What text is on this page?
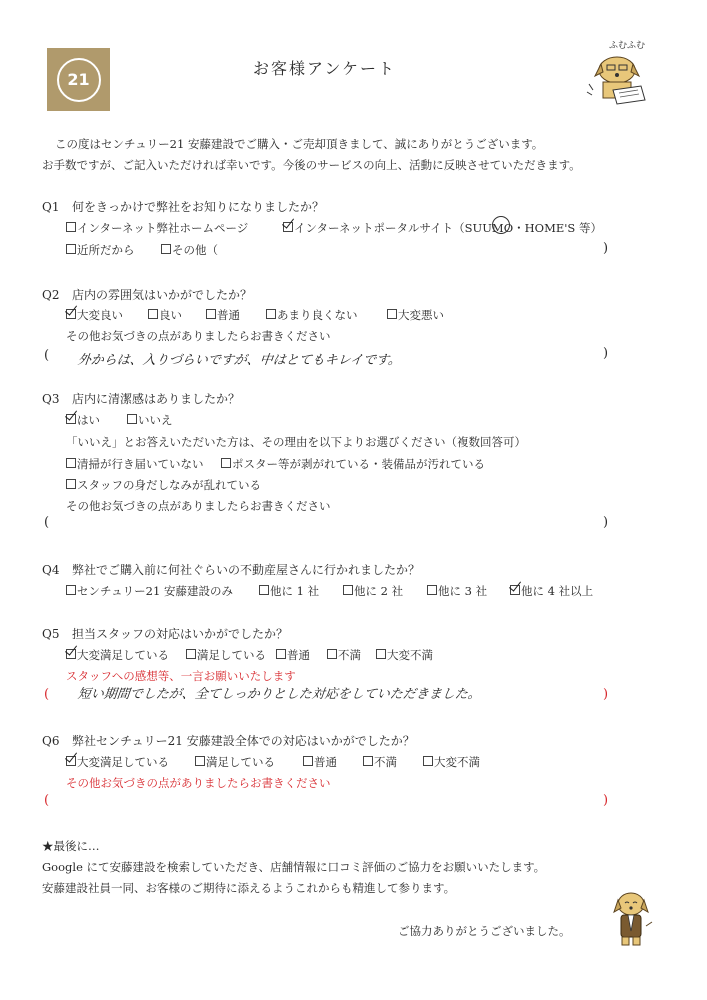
21
お客様アンケート
ふむふむ
この度はセンチュリー21 安藤建設でご購入・ご売却頂きまして、誠にありがとうございます。
お手数ですが、ご記入いただければ幸いです。今後のサービスの向上、活動に反映させていただきます。
Q1 何をきっかけで弊社をお知りになりましたか？
インターネット弊社ホームページ	インターネットポータルサイト（SUUMO・HOME'S 等）
近所だから	その他（	)
Q2 店内の雰囲気はいかがでしたか？
大変良い	良い	普通	あまり良くない	大変悪い
その他お気づきの点がありましたらお書きください
( 外からは、入りづらいですが、中はとてもキレイです。	)
Q3 店内に清潔感はありましたか？
はい	いいえ
「いいえ」とお答えいただいた方は、その理由を以下よりお選びください（複数回答可）
清掃が行き届いていない	ポスター等が剥がれている・装備品が汚れている
スタッフの身だしなみが乱れている
その他お気づきの点がありましたらお書きください
(	)
Q4 弊社でご購入前に何社ぐらいの不動産屋さんに行かれましたか？
センチュリー21 安藤建設のみ	他に 1 社	他に 2 社	他に 3 社	他に 4 社以上
Q5 担当スタッフの対応はいかがでしたか？
大変満足している	満足している	普通	不満	大変不満
スタッフへの感想等、一言お願いいたします
( 短い期間でしたが、全てしっかりとした対応をしていただきました。	)
Q6 弊社センチュリー21 安藤建設全体での対応はいかがでしたか？
大変満足している	満足している	普通	不満	大変不満
その他お気づきの点がありましたらお書きください
(	)
★最後に…
Google にて安藤建設を検索していただき、店舗情報に口コミ評価のご協力をお願いいたします。
安藤建設社員一同、お客様のご期待に添えるようこれからも精進して参ります。
ご協力ありがとうございました。
